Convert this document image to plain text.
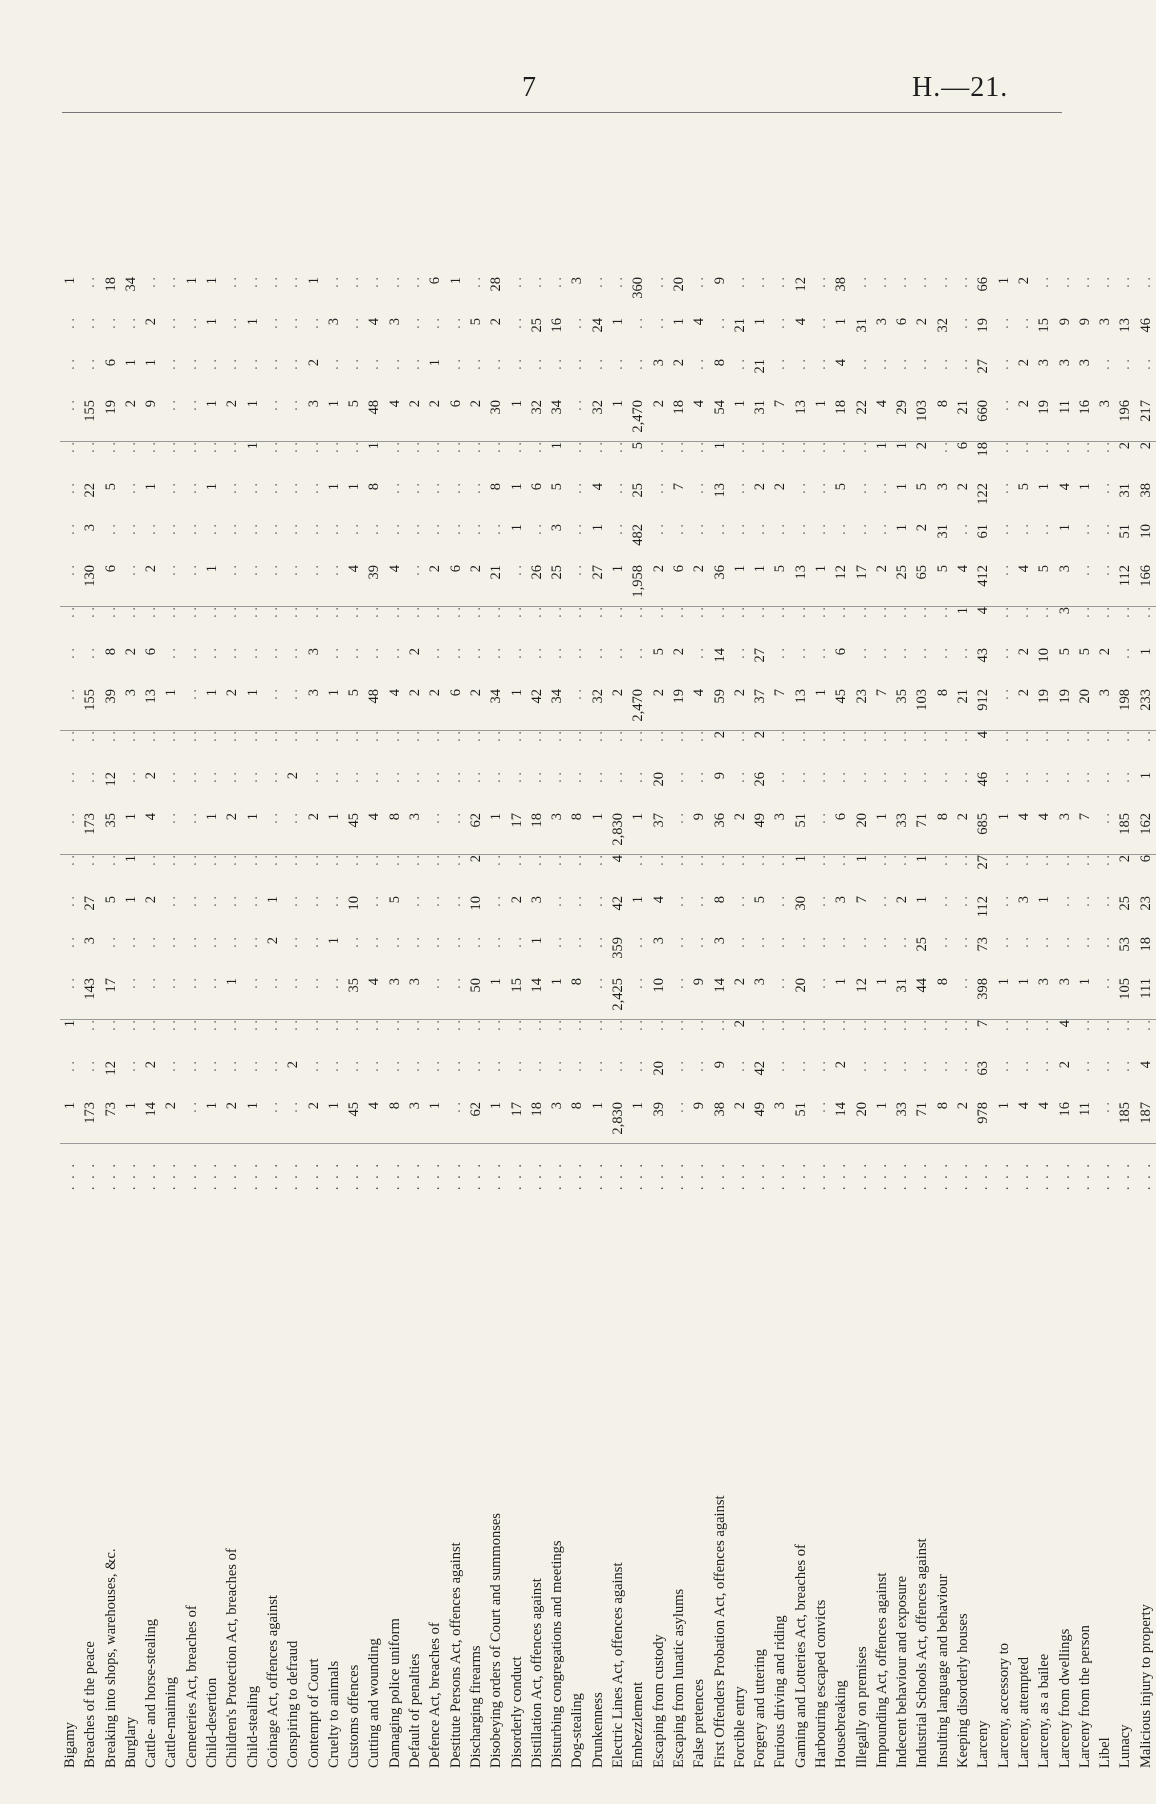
7	H.—21.
Bigamy	. . .	1	. .	1	. .	. .	. .	. .	. .	. .	. .	. .	. .	. .	. .	. .	. .	. .	. .	. .	. .	1
Breaches of the peace	. . .	173	. .	. .	143	3	27	. .	173	. .	. .	155	. .	. .	130	3	22	. .	155	. .	. .	. .
Breaking into shops, warehouses, &c.	. . .	73	12	. .	17	. .	5	. .	35	12	. .	39	8	. .	6	. .	5	. .	19	6	. .	18
Burglary	. . .	1	. .	. .	. .	. .	1	1	1	. .	. .	3	2	. .	. .	. .	. .	. .	2	1	. .	34
Cattle- and horse-stealing	. . .	14	2	. .	. .	. .	2	. .	4	2	. .	13	6	. .	2	. .	1	. .	9	1	2	. .
Cattle-maiming	. . .	2	. .	. .	. .	. .	. .	. .	. .	. .	. .	1	. .	. .	. .	. .	. .	. .	. .	. .	. .	. .
Cemeteries Act, breaches of	. . .	. .	. .	. .	. .	. .	. .	. .	. .	. .	. .	. .	. .	. .	. .	. .	. .	. .	. .	. .	. .	1
Child-desertion	. . .	1	. .	. .	. .	. .	. .	. .	1	. .	. .	1	. .	. .	1	. .	1	. .	1	. .	1	1
Children's Protection Act, breaches of	. . .	2	. .	. .	1	. .	. .	. .	2	. .	. .	2	. .	. .	. .	. .	. .	. .	2	. .	. .	. .
Child-stealing	. . .	1	. .	. .	. .	. .	. .	. .	1	. .	. .	1	. .	. .	. .	. .	. .	1	1	. .	1	. .
Coinage Act, offences against	. . .	. .	. .	. .	. .	2	1	. .	. .	. .	. .	. .	. .	. .	. .	. .	. .	. .	. .	. .	. .	. .
Conspiring to defraud	. . .	. .	2	. .	. .	. .	. .	. .	. .	2	. .	. .	. .	. .	. .	. .	. .	. .	. .	. .	. .	. .
Contempt of Court	. . .	2	. .	. .	. .	. .	. .	. .	2	. .	. .	3	3	. .	. .	. .	. .	. .	3	2	. .	1
Cruelty to animals	. . .	1	. .	. .	. .	1	. .	. .	1	. .	. .	1	. .	. .	. .	. .	1	. .	1	. .	3	. .
Customs offences	. . .	45	. .	. .	35	. .	10	. .	45	. .	. .	5	. .	. .	4	. .	1	. .	5	. .	. .	. .
Cutting and wounding	. . .	4	. .	. .	4	. .	. .	. .	4	. .	. .	48	. .	. .	39	. .	8	1	48	. .	4	. .
Damaging police uniform	. . .	8	. .	. .	3	. .	5	. .	8	. .	. .	4	. .	. .	4	. .	. .	. .	4	. .	3	. .
Default of penalties	. . .	3	. .	. .	3	. .	. .	. .	3	. .	. .	2	2	. .	. .	. .	. .	. .	2	. .	. .	. .
Defence Act, breaches of	. . .	1	. .	. .	. .	. .	. .	. .	. .	. .	. .	2	. .	. .	2	. .	. .	. .	2	1	. .	6
Destitute Persons Act, offences against	. . .	. .	. .	. .	. .	. .	. .	. .	. .	. .	. .	6	. .	. .	6	. .	. .	. .	6	. .	. .	1
Discharging firearms	. . .	62	. .	. .	50	. .	10	2	62	. .	. .	2	. .	. .	2	. .	. .	. .	2	. .	5	. .
Disobeying orders of Court and summonses	. . .	1	. .	. .	1	. .	. .	. .	1	. .	. .	34	. .	. .	21	. .	8	. .	30	. .	2	28
Disorderly conduct	. . .	17	. .	. .	15	. .	2	. .	17	. .	. .	1	. .	. .	. .	1	1	. .	1	. .	. .	. .
Distillation Act, offences against	. . .	18	. .	. .	14	1	3	. .	18	. .	. .	42	. .	. .	26	. .	6	. .	32	. .	25	. .
Disturbing congregations and meetings	. . .	3	. .	. .	1	. .	. .	. .	3	. .	. .	34	. .	. .	25	3	5	1	34	. .	16	. .
Dog-stealing	. . .	8	. .	. .	8	. .	. .	. .	8	. .	. .	. .	. .	. .	. .	. .	. .	. .	. .	. .	. .	3
Drunkenness	. . .	1	. .	. .	. .	. .	. .	. .	1	. .	. .	32	. .	. .	27	1	4	. .	32	. .	24	. .
Electric Lines Act, offences against	. . .	2,830	. .	. .	2,425	359	42	4	2,830	. .	. .	2	. .	. .	1	. .	. .	. .	1	. .	1	. .
Embezzlement	. . .	1	. .	. .	. .	. .	1	. .	1	. .	. .	2,470	. .	. .	1,958	482	25	5	2,470	. .	. .	360
Escaping from custody	. . .	39	20	. .	10	3	4	. .	37	20	. .	2	5	. .	2	. .	. .	. .	2	3	. .	. .
Escaping from lunatic asylums	. . .	. .	. .	. .	. .	. .	. .	. .	. .	. .	. .	19	2	. .	6	. .	7	. .	18	2	1	20
False pretences	. . .	9	. .	. .	9	. .	. .	. .	9	. .	. .	4	. .	. .	2	. .	. .	. .	4	. .	4	. .
First Offenders Probation Act, offences against	. . .	38	9	. .	14	3	8	. .	36	9	2	59	14	. .	36	. .	13	1	54	8	. .	9
Forcible entry	. . .	2	. .	2	2	. .	. .	. .	2	. .	. .	2	. .	. .	1	. .	. .	. .	1	. .	21	. .
Forgery and uttering	. . .	49	42	. .	3	. .	5	. .	49	26	2	37	27	. .	1	. .	2	. .	31	21	1	. .
Furious driving and riding	. . .	3	. .	. .	. .	. .	. .	. .	3	. .	. .	7	. .	. .	5	. .	2	. .	7	. .	. .	. .
Gaming and Lotteries Act, breaches of	. . .	51	. .	. .	20	. .	30	1	51	. .	. .	13	. .	. .	13	. .	. .	. .	13	. .	4	12
Harbouring escaped convicts	. . .	. .	. .	. .	. .	. .	. .	. .	. .	. .	. .	1	. .	. .	1	. .	. .	. .	1	. .	. .	. .
Housebreaking	. . .	14	2	. .	1	. .	3	. .	6	. .	. .	45	6	. .	12	. .	5	. .	18	4	1	38
Illegally on premises	. . .	20	. .	. .	12	. .	7	1	20	. .	. .	23	. .	. .	17	. .	. .	. .	22	. .	31	. .
Impounding Act, offences against	. . .	1	. .	. .	1	. .	. .	. .	1	. .	. .	7	. .	. .	2	. .	. .	1	4	. .	3	. .
Indecent behaviour and exposure	. . .	33	. .	. .	31	. .	2	. .	33	. .	. .	35	. .	. .	25	1	1	1	29	. .	6	. .
Industrial Schools Act, offences against	. . .	71	. .	. .	44	25	1	1	71	. .	. .	103	. .	. .	65	2	5	2	103	. .	2	. .
Insulting language and behaviour	. . .	8	. .	. .	8	. .	. .	. .	8	. .	. .	8	. .	. .	5	31	3	. .	8	. .	32	. .
Keeping disorderly houses	. . .	2	. .	. .	. .	. .	. .	. .	2	. .	. .	21	. .	1	4	. .	2	6	21	. .	. .	. .
Larceny	. . .	978	63	7	398	73	112	27	685	46	4	912	43	4	412	61	122	18	660	27	19	66
Larceny, accessory to	. . .	1	. .	. .	1	. .	. .	. .	1	. .	. .	. .	. .	. .	. .	. .	. .	. .	. .	. .	. .	1
Larceny, attempted	. . .	4	. .	. .	1	. .	3	. .	4	. .	. .	2	2	. .	4	. .	5	. .	2	2	. .	2
Larceny, as a bailee	. . .	4	. .	. .	3	. .	1	. .	4	. .	. .	19	10	. .	5	. .	1	. .	19	3	15	. .
Larceny from dwellings	. . .	16	2	4	3	. .	. .	. .	3	. .	. .	19	5	3	3	1	4	. .	11	3	9	. .
Larceny from the person	. . .	11	. .	. .	1	. .	. .	. .	7	. .	. .	20	5	. .	. .	. .	1	. .	16	3	9	. .
Libel	. . .	. .	. .	. .	. .	. .	. .	. .	. .	. .	. .	3	2	. .	. .	. .	. .	. .	3	. .	3	. .
Lunacy	. . .	185	. .	. .	105	53	25	2	185	. .	. .	198	. .	. .	112	51	31	2	196	. .	13	. .
Malicious injury to property	. . .	187	4	. .	111	18	23	6	162	1	. .	233	1	. .	166	10	38	2	217	. .	46	. .
